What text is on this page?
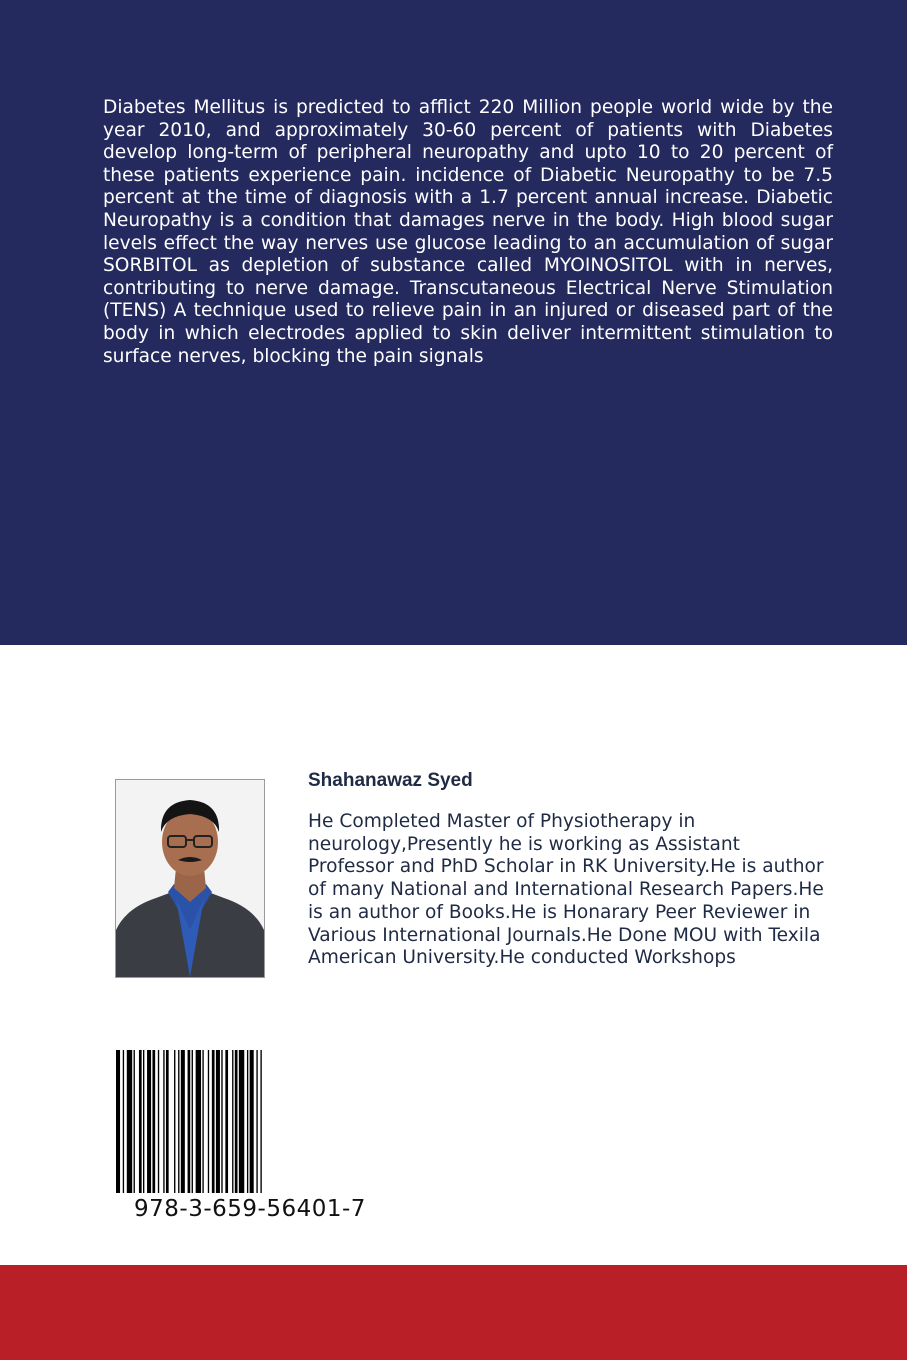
Diabetes Mellitus is predicted to afflict 220 Million people world wide by the year 2010, and approximately 30-60 percent of patients with Diabetes develop long-term of peripheral neuropathy and upto 10 to 20 percent of these patients experience pain. incidence of Diabetic Neuropathy to be 7.5 percent at the time of diagnosis with a 1.7 percent annual increase. Diabetic Neuropathy is a condition that damages nerve in the body. High blood sugar levels effect the way nerves use glucose leading to an accumulation of sugar SORBITOL as depletion of substance called MYOINOSITOL with in nerves, contributing to nerve damage. Transcutaneous Electrical Nerve Stimulation (TENS) A technique used to relieve pain in an injured or diseased part of the body in which electrodes applied to skin deliver intermittent stimulation to surface nerves, blocking the pain signals

Shahanawaz Syed

He Completed Master of Physiotherapy in neurology,Presently he is working as Assistant Professor and PhD Scholar in RK University.He is author of many National and International Research Papers.He is an author of Books.He is Honarary Peer Reviewer in Various International Journals.He Done MOU with Texila American University.He conducted Workshops

978-3-659-56401-7
